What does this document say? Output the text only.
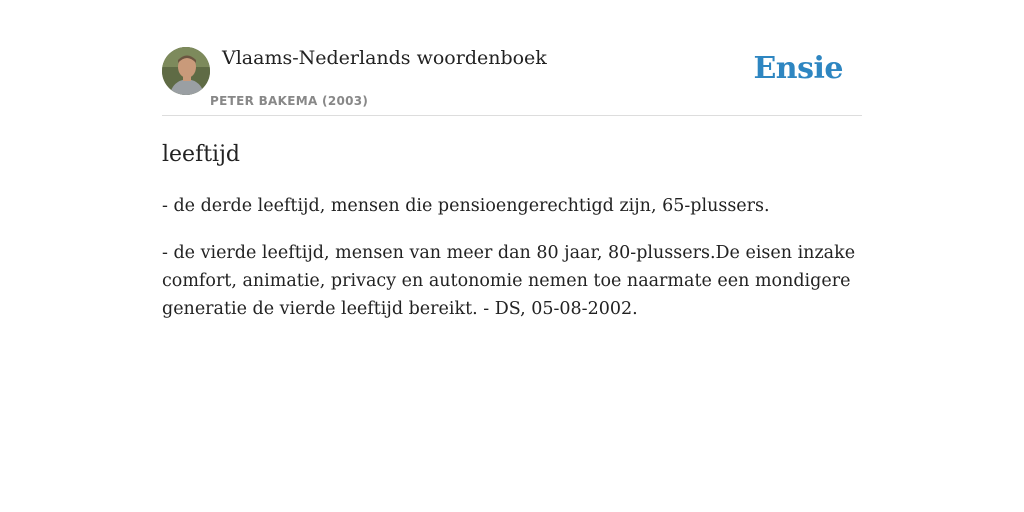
Vlaams-Nederlands woordenboek
PETER BAKEMA (2003)
Ensie
leeftijd

- de derde leeftijd, mensen die pensioengerechtigd zijn, 65-plussers.

- de vierde leeftijd, mensen van meer dan 80 jaar, 80-plussers.De eisen inzake comfort, animatie, privacy en autonomie nemen toe naarmate een mondigere generatie de vierde leeftijd bereikt. - DS, 05-08-2002.
